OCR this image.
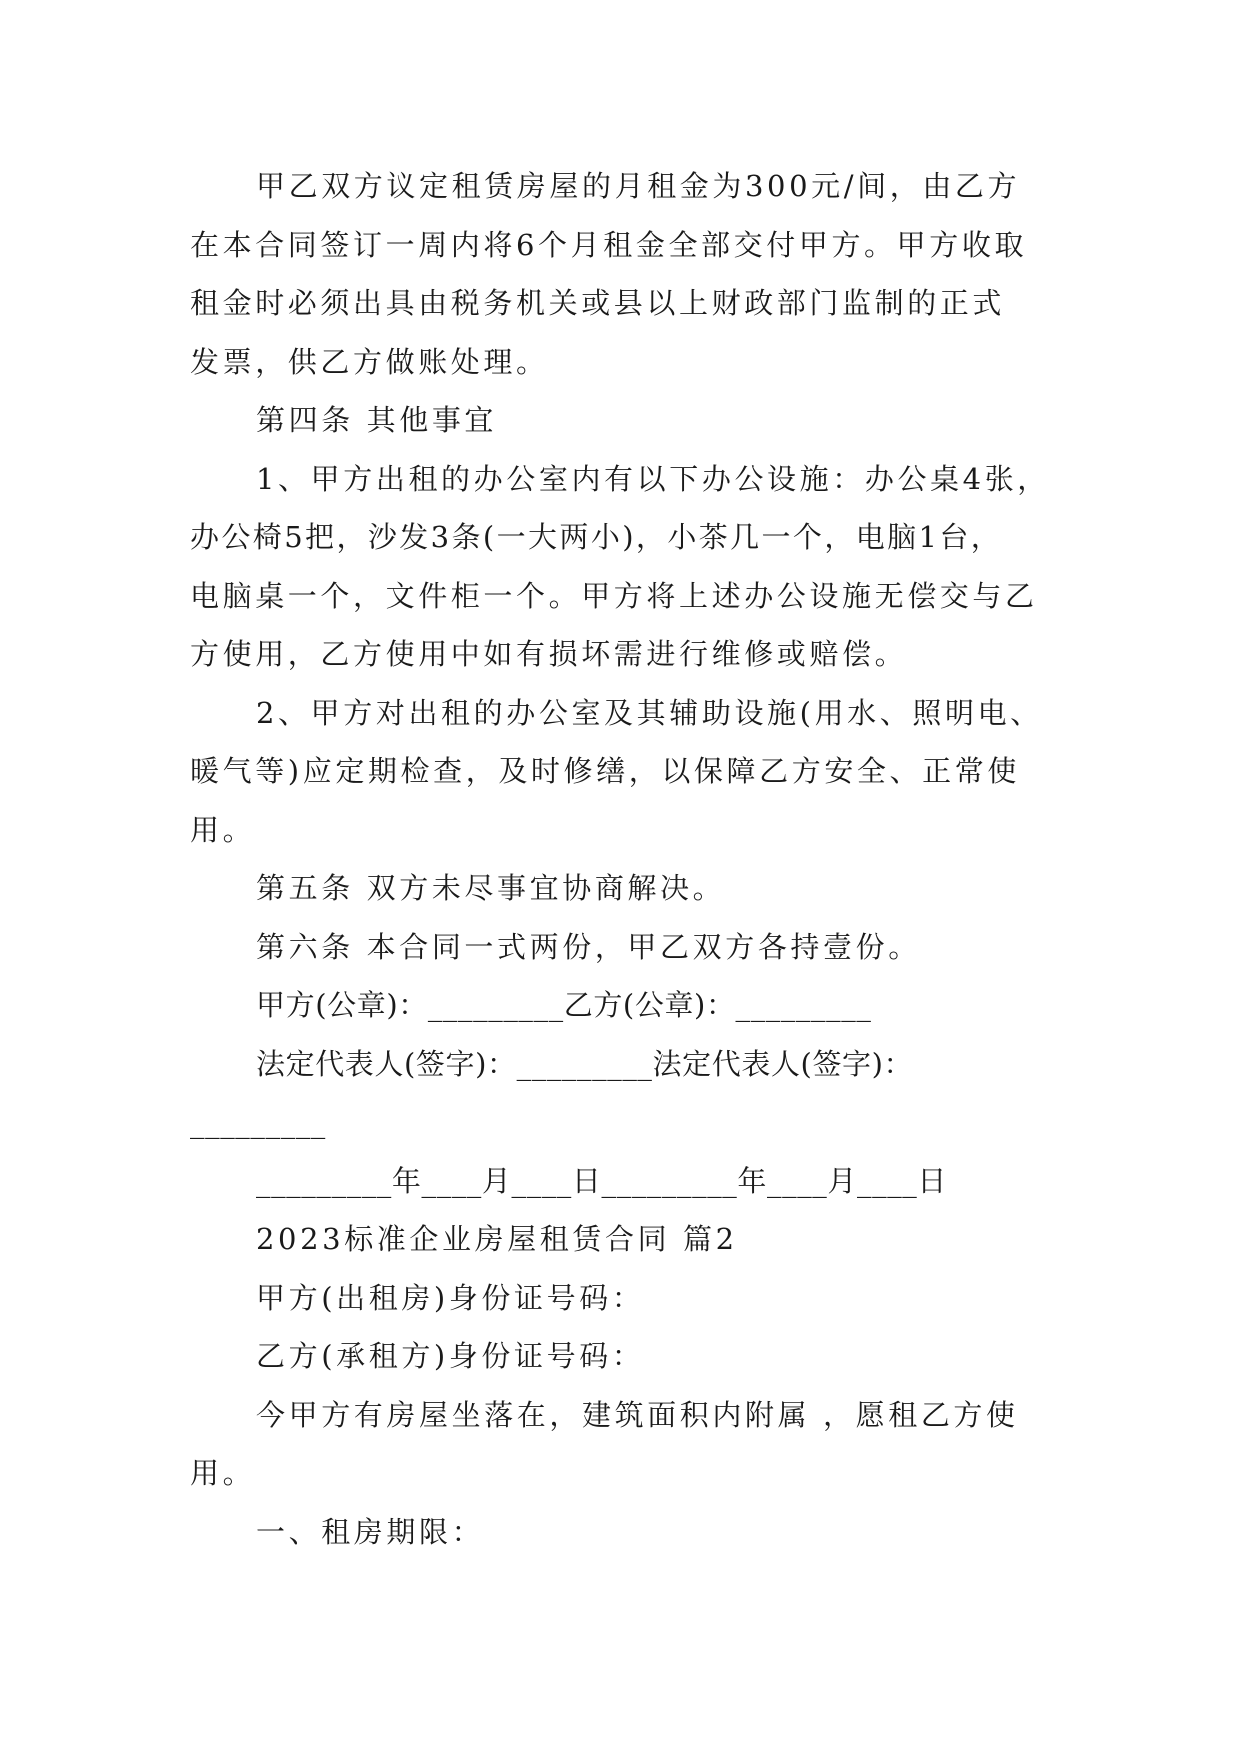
甲乙双方议定租赁房屋的月租金为300元/间，由乙方
在本合同签订一周内将6个月租金全部交付甲方。甲方收取
租金时必须出具由税务机关或县以上财政部门监制的正式
发票，供乙方做账处理。
第四条 其他事宜
1、甲方出租的办公室内有以下办公设施：办公桌4张，
办公椅5把，沙发3条(一大两小)，小茶几一个，电脑1台，
电脑桌一个，文件柜一个。甲方将上述办公设施无偿交与乙
方使用，乙方使用中如有损坏需进行维修或赔偿。
2、甲方对出租的办公室及其辅助设施(用水、照明电、
暖气等)应定期检查，及时修缮，以保障乙方安全、正常使
用。
第五条 双方未尽事宜协商解决。
第六条 本合同一式两份，甲乙双方各持壹份。
甲方(公章)：_________乙方(公章)：_________
法定代表人(签字)：_________法定代表人(签字)：
_________
_________年____月____日_________年____月____日
2023标准企业房屋租赁合同 篇2
甲方(出租房)身份证号码：
乙方(承租方)身份证号码：
今甲方有房屋坐落在，建筑面积内附属 ，愿租乙方使
用。
一、租房期限：
